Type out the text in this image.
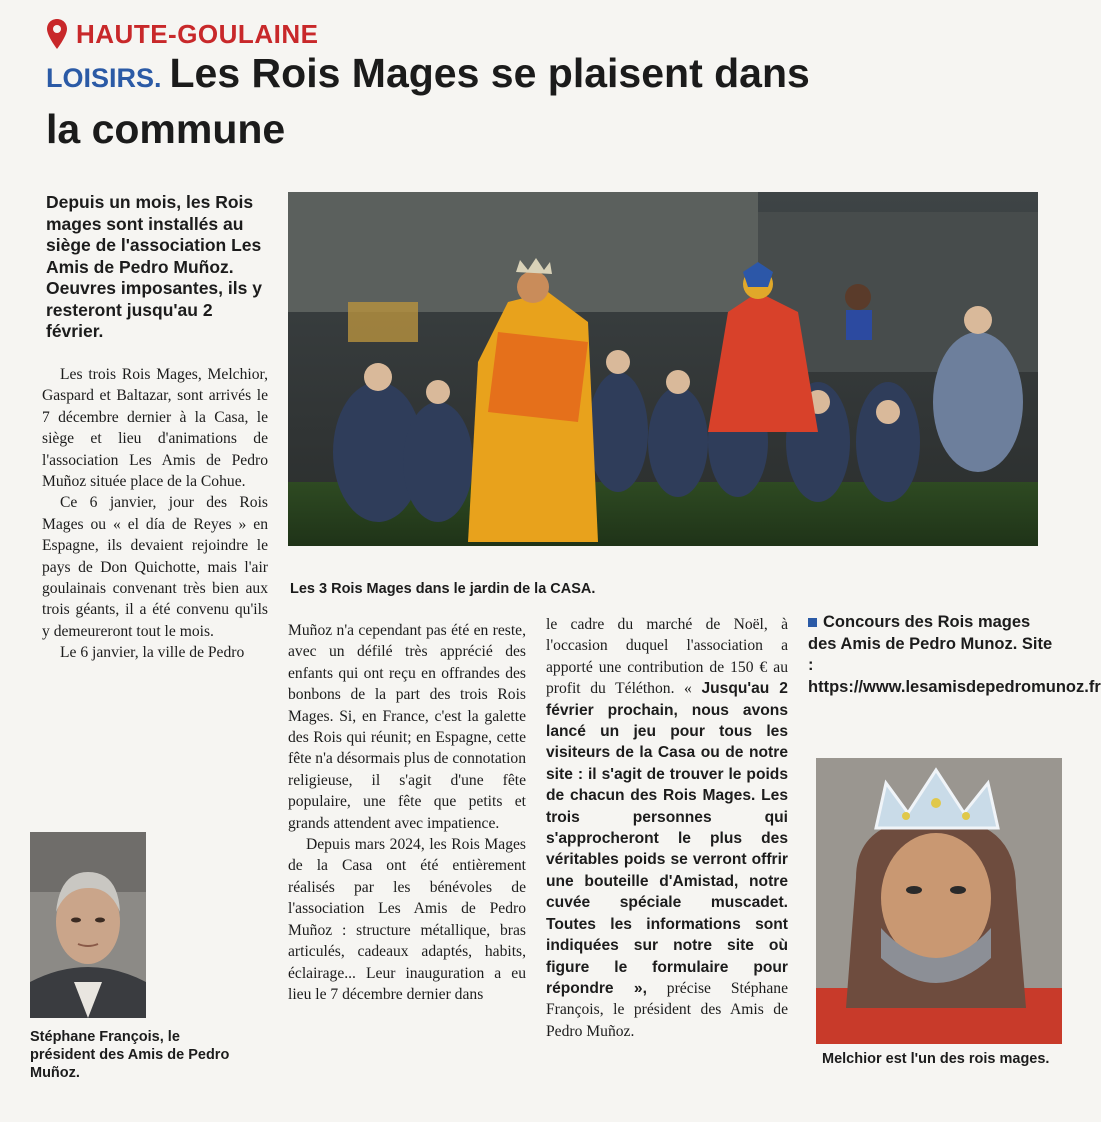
HAUTE-GOULAINE
LOISIRS. Les Rois Mages se plaisent dans la commune

Depuis un mois, les Rois mages sont installés au siège de l'association Les Amis de Pedro Muñoz. Oeuvres imposantes, ils y resteront jusqu'au 2 février.

Les trois Rois Mages, Melchior, Gaspard et Baltazar, sont arrivés le 7 décembre dernier à la Casa, le siège et lieu d'animations de l'association Les Amis de Pedro Muñoz située place de la Cohue.

Ce 6 janvier, jour des Rois Mages ou « el día de Reyes » en Espagne, ils devaient rejoindre le pays de Don Quichotte, mais l'air goulainais convenant très bien aux trois géants, il a été convenu qu'ils y demeureront tout le mois.

Le 6 janvier, la ville de Pedro

Les 3 Rois Mages dans le jardin de la CASA.

Muñoz n'a cependant pas été en reste, avec un défilé très apprécié des enfants qui ont reçu en offrandes des bonbons de la part des trois Rois Mages. Si, en France, c'est la galette des Rois qui réunit; en Espagne, cette fête n'a désormais plus de connotation religieuse, il s'agit d'une fête populaire, une fête que petits et grands attendent avec impatience.

Depuis mars 2024, les Rois Mages de la Casa ont été entièrement réalisés par les bénévoles de l'association Les Amis de Pedro Muñoz : structure métallique, bras articulés, cadeaux adaptés, habits, éclairage... Leur inauguration a eu lieu le 7 décembre dernier dans

le cadre du marché de Noël, à l'occasion duquel l'association a apporté une contribution de 150 € au profit du Téléthon. « Jusqu'au 2 février prochain, nous avons lancé un jeu pour tous les visiteurs de la Casa ou de notre site : il s'agit de trouver le poids de chacun des Rois Mages. Les trois personnes qui s'approcheront le plus des véritables poids se verront offrir une bouteille d'Amistad, notre cuvée spéciale muscadet. Toutes les informations sont indiquées sur notre site où figure le formulaire pour répondre », précise Stéphane François, le président des Amis de Pedro Muñoz.

Concours des Rois mages des Amis de Pedro Munoz. Site : https://www.lesamisdepedromunoz.fr

Stéphane François, le président des Amis de Pedro Muñoz.

Melchior est l'un des rois mages.
